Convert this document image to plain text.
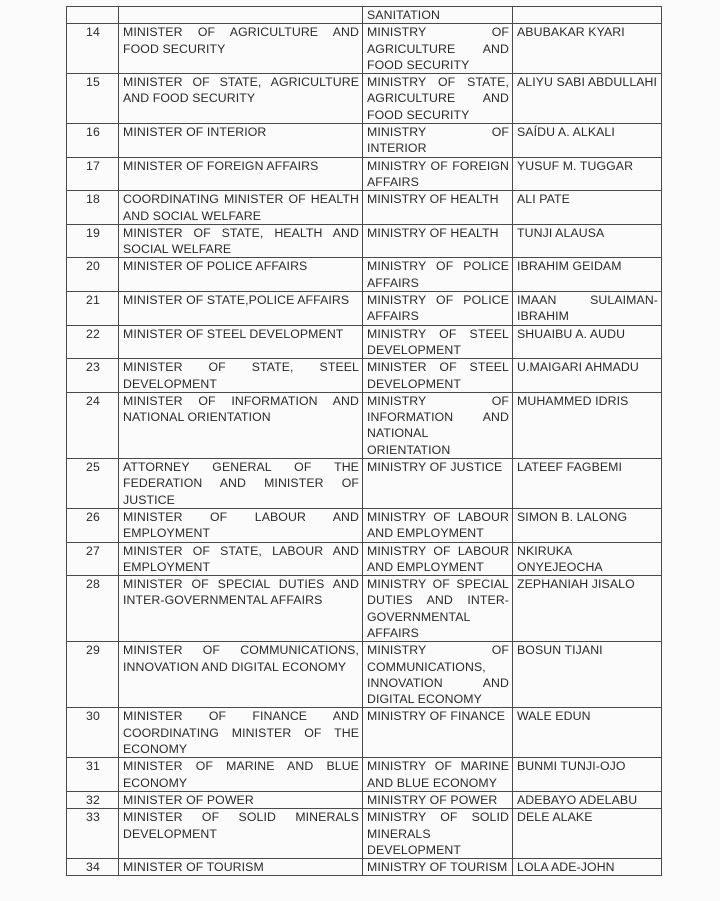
		SANITATION	
14	MINISTER OF AGRICULTURE AND FOOD SECURITY	MINISTRY OF AGRICULTURE AND FOOD SECURITY	ABUBAKAR KYARI
15	MINISTER OF STATE, AGRICULTURE AND FOOD SECURITY	MINISTRY OF STATE, AGRICULTURE AND FOOD SECURITY	ALIYU SABI ABDULLAHI
16	MINISTER OF INTERIOR	MINISTRY OF INTERIOR	SAÍDU A. ALKALI
17	MINISTER OF FOREIGN AFFAIRS	MINISTRY OF FOREIGN AFFAIRS	YUSUF M. TUGGAR
18	COORDINATING MINISTER OF HEALTH AND SOCIAL WELFARE	MINISTRY OF HEALTH	ALI PATE
19	MINISTER OF STATE, HEALTH AND SOCIAL WELFARE	MINISTRY OF HEALTH	TUNJI ALAUSA
20	MINISTER OF POLICE AFFAIRS	MINISTRY OF POLICE AFFAIRS	IBRAHIM GEIDAM
21	MINISTER OF STATE,POLICE AFFAIRS	MINISTRY OF POLICE AFFAIRS	IMAAN SULAIMAN-IBRAHIM
22	MINISTER OF STEEL DEVELOPMENT	MINISTRY OF STEEL DEVELOPMENT	SHUAIBU A. AUDU
23	MINISTER OF STATE, STEEL DEVELOPMENT	MINISTER OF STEEL DEVELOPMENT	U.MAIGARI AHMADU
24	MINISTER OF INFORMATION AND NATIONAL ORIENTATION	MINISTRY OF INFORMATION AND NATIONAL ORIENTATION	MUHAMMED IDRIS
25	ATTORNEY GENERAL OF THE FEDERATION AND MINISTER OF JUSTICE	MINISTRY OF JUSTICE	LATEEF FAGBEMI
26	MINISTER OF LABOUR AND EMPLOYMENT	MINISTRY OF LABOUR AND EMPLOYMENT	SIMON B. LALONG
27	MINISTER OF STATE, LABOUR AND EMPLOYMENT	MINISTRY OF LABOUR AND EMPLOYMENT	NKIRUKA ONYEJEOCHA
28	MINISTER OF SPECIAL DUTIES AND INTER-GOVERNMENTAL AFFAIRS	MINISTRY OF SPECIAL DUTIES AND INTER-GOVERNMENTAL AFFAIRS	ZEPHANIAH JISALO
29	MINISTER OF COMMUNICATIONS, INNOVATION AND DIGITAL ECONOMY	MINISTRY OF COMMUNICATIONS, INNOVATION AND DIGITAL ECONOMY	BOSUN TIJANI
30	MINISTER OF FINANCE AND COORDINATING MINISTER OF THE ECONOMY	MINISTRY OF FINANCE	WALE EDUN
31	MINISTER OF MARINE AND BLUE ECONOMY	MINISTRY OF MARINE AND BLUE ECONOMY	BUNMI TUNJI-OJO
32	MINISTER OF POWER	MINISTRY OF POWER	ADEBAYO ADELABU
33	MINISTER OF SOLID MINERALS DEVELOPMENT	MINISTRY OF SOLID MINERALS DEVELOPMENT	DELE ALAKE
34	MINISTER OF TOURISM	MINISTRY OF TOURISM	LOLA ADE-JOHN
